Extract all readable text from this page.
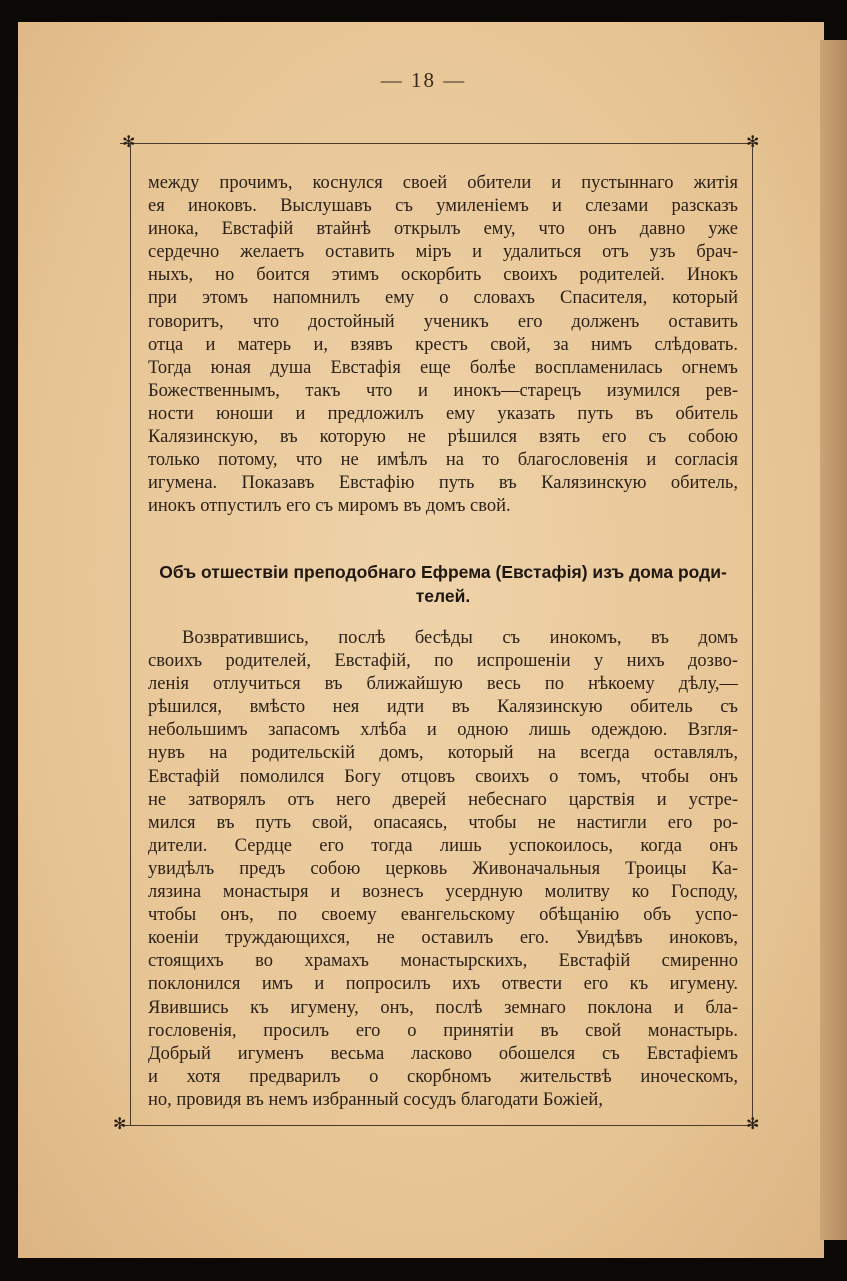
— 18 —
✻	✻
✻	✻
между прочимъ, коснулся своей обители и пустыннаго житія
ея иноковъ. Выслушавъ съ умиленіемъ и слезами разсказъ
инока, Евстафій втайнѣ открылъ ему, что онъ давно уже
сердечно желаетъ оставить міръ и удалиться отъ узъ брач-
ныхъ, но боится этимъ оскорбить своихъ родителей. Инокъ
при этомъ напомнилъ ему о словахъ Спасителя, который
говоритъ, что достойный ученикъ его долженъ оставить
отца и матерь и, взявъ крестъ свой, за нимъ слѣдовать.
Тогда юная душа Евстафія еще болѣе воспламенилась огнемъ
Божественнымъ, такъ что и инокъ—старецъ изумился рев-
ности юноши и предложилъ ему указать путь въ обитель
Калязинскую, въ которую не рѣшился взять его съ собою
только потому, что не имѣлъ на то благословенія и согласія
игумена. Показавъ Евстафію путь въ Калязинскую обитель,
инокъ отпустилъ его съ миромъ въ домъ свой.
Объ отшествіи преподобнаго Ефрема (Евстафія) изъ дома роди-
телей.
Возвратившись, послѣ бесѣды съ инокомъ, въ домъ
своихъ родителей, Евстафій, по испрошеніи у нихъ дозво-
ленія отлучиться въ ближайшую весь по нѣкоему дѣлу,—
рѣшился, вмѣсто нея идти въ Калязинскую обитель съ
небольшимъ запасомъ хлѣба и одною лишь одеждою. Взгля-
нувъ на родительскій домъ, который на всегда оставлялъ,
Евстафій помолился Богу отцовъ своихъ о томъ, чтобы онъ
не затворялъ отъ него дверей небеснаго царствія и устре-
мился въ путь свой, опасаясь, чтобы не настигли его ро-
дители. Сердце его тогда лишь успокоилось, когда онъ
увидѣлъ предъ собою церковь Живоначальныя Троицы Ка-
лязина монастыря и вознесъ усердную молитву ко Господу,
чтобы онъ, по своему евангельскому обѣщанію объ успо-
коеніи труждающихся, не оставилъ его. Увидѣвъ иноковъ,
стоящихъ во храмахъ монастырскихъ, Евстафій смиренно
поклонился имъ и попросилъ ихъ отвести его къ игумену.
Явившись къ игумену, онъ, послѣ земнаго поклона и бла-
гословенія, просилъ его о принятіи въ свой монастырь.
Добрый игуменъ весьма ласково обошелся съ Евстафіемъ
и хотя предварилъ о скорбномъ жительствѣ иноческомъ,
но, провидя въ немъ избранный сосудъ благодати Божіей,
